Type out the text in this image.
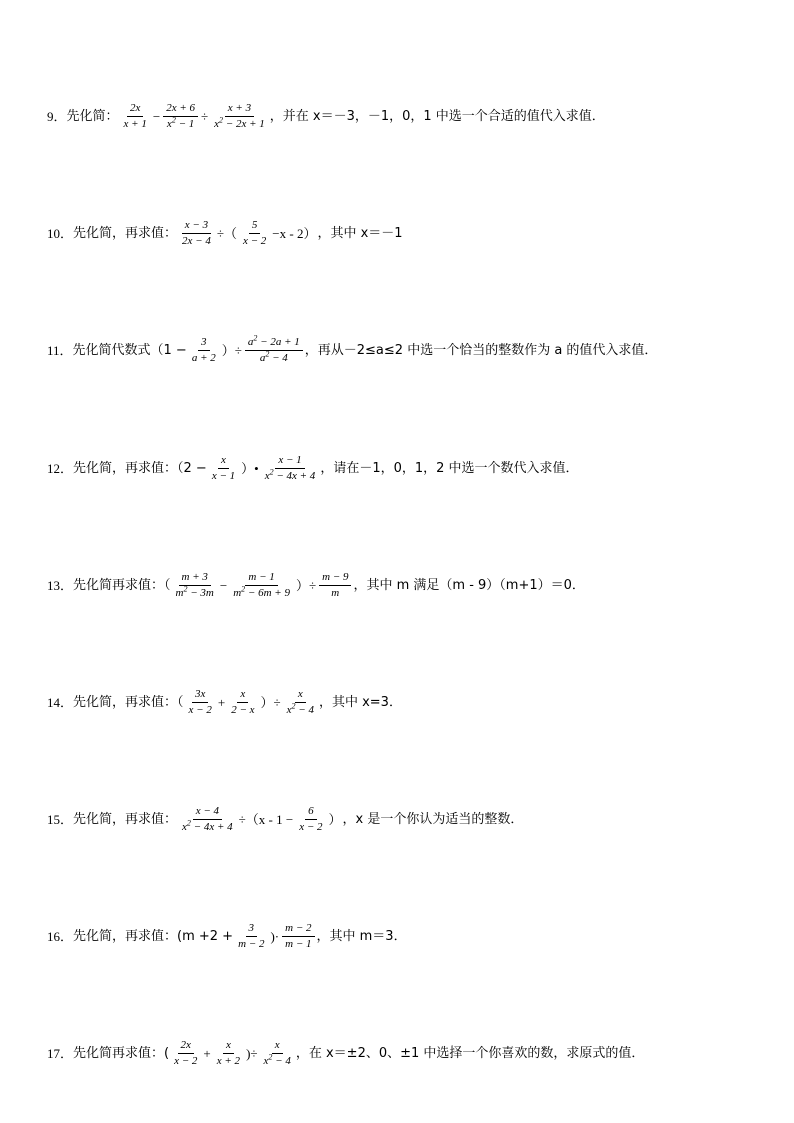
9． 先化简： $\frac{2x}{x + 1} - \frac{2x + 6}{x^2 - 1} \div \frac{x + 3}{x^2 - 2x + 1}$ ，并在 x＝－3，－1，0，1 中选一个合适的值代入求值．
10． 先化简，再求值： $\frac{x - 3}{2x - 4}$ ÷（ $\frac{5}{x - 2} -x - 2$） ，其中 x＝－1
11． 先化简代数式（$1 - \frac{3}{a + 2}$ ）÷ $\frac{a^2 - 2a + 1}{a^2 - 4}$ ，再从－2≤a≤2 中选一个恰当的整数作为 a 的值代入求值．
12． 先化简，再求值：（$2 - \frac{x}{x - 1}$ ）• $\frac{x - 1}{x^2 - 4x + 4}$ ，请在－1，0，1，2 中选一个数代入求值．
13． 先化简再求值：（ $\frac{m + 3}{m^2 - 3m} - \frac{m - 1}{m^2 - 6m + 9}$ ）÷ $\frac{m - 9}{m}$ ，其中 m 满足（m - 9）（m+1）＝0．
14． 先化简，再求值：（ $\frac{3x}{x - 2} + \frac{x}{2 - x}$ ）÷ $\frac{x}{x^2 - 4}$ ，其中 x=3．
15． 先化简，再求值： $\frac{x - 4}{x^2 - 4x + 4} \div(x - 1 - \frac{6}{x - 2}$ ） ，x 是一个你认为适当的整数．
16． 先化简，再求值：($m +2 + \frac{3}{m - 2}$ )· $\frac{m - 2}{m - 1}$ ，其中 m＝3．
17． 先化简再求值：( $\frac{2x}{x - 2} + \frac{x}{x + 2}$ )÷ $\frac{x}{x^2 - 4}$ ，在 x＝±2、0、±1 中选择一个你喜欢的数，求原式的值．
